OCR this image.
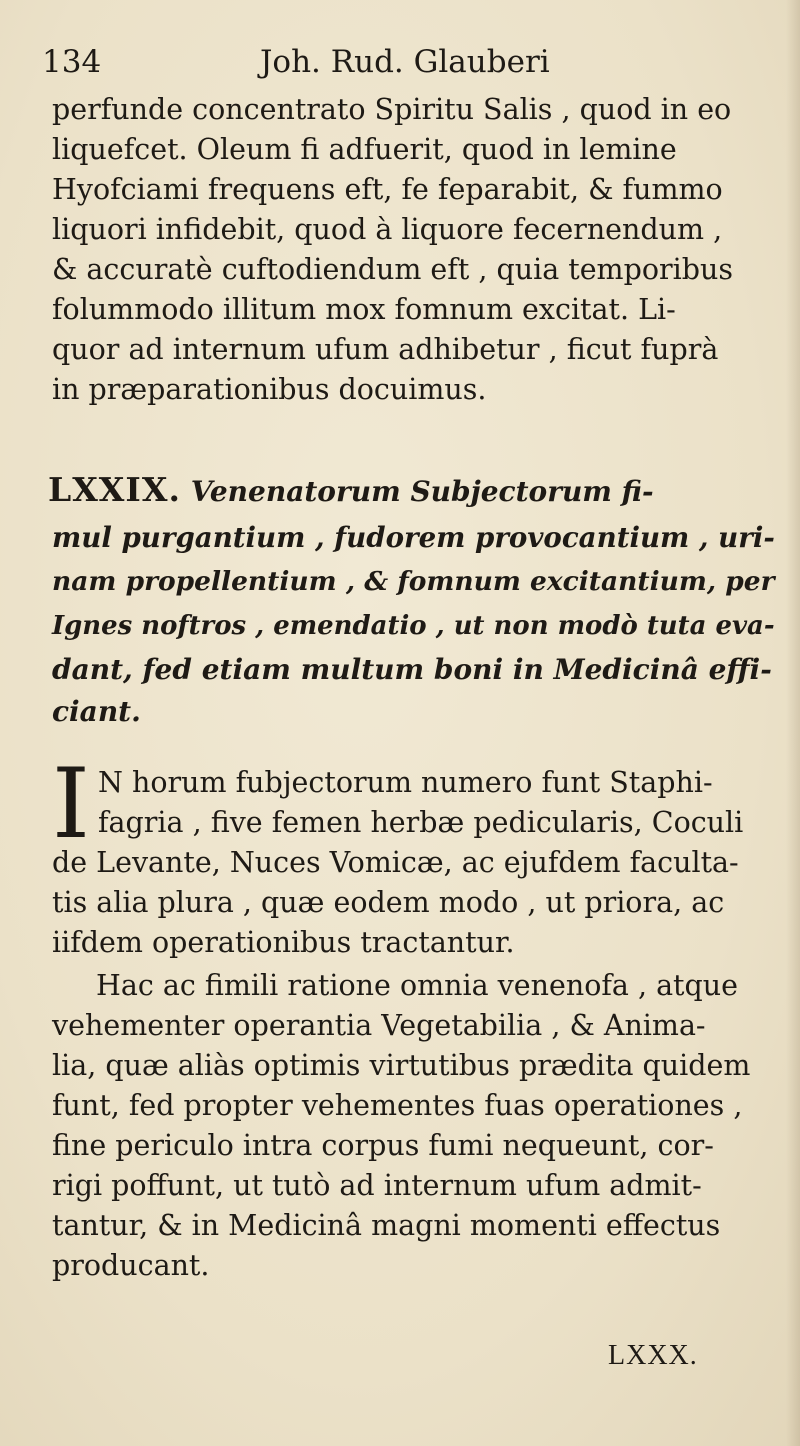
134	Joh. Rud. Glauberi
perfunde concentrato Spiritu Salis , quod in eo
liquefcet. Oleum fi adfuerit, quod in lemine
Hyofciami frequens eft, fe feparabit, & fummo
liquori infidebit, quod à liquore fecernendum ,
& accuratè cuftodiendum eft , quia temporibus
folummodo illitum mox fomnum excitat. Li-
quor ad internum ufum adhibetur , ficut fuprà
in præparationibus docuimus.
LXXIX. Venenatorum Subjectorum fi-
mul purgantium , fudorem provocantium , uri-
nam propellentium , & fomnum excitantium, per
Ignes noftros , emendatio , ut non modò tuta eva-
dant, fed etiam multum boni in Medicinâ effi-
ciant.
I N horum fubjectorum numero funt Staphi-
fagria , five femen herbæ pedicularis, Coculi
de Levante, Nuces Vomicæ, ac ejufdem faculta-
tis alia plura , quæ eodem modo , ut priora, ac
iifdem operationibus tractantur.
Hac ac fimili ratione omnia venenofa , atque
vehementer operantia Vegetabilia , & Anima-
lia, quæ aliàs optimis virtutibus prædita quidem
funt, fed propter vehementes fuas operationes ,
fine periculo intra corpus fumi nequeunt, cor-
rigi poffunt, ut tutò ad internum ufum admit-
tantur, & in Medicinâ magni momenti effectus
producant.
LXXX.
